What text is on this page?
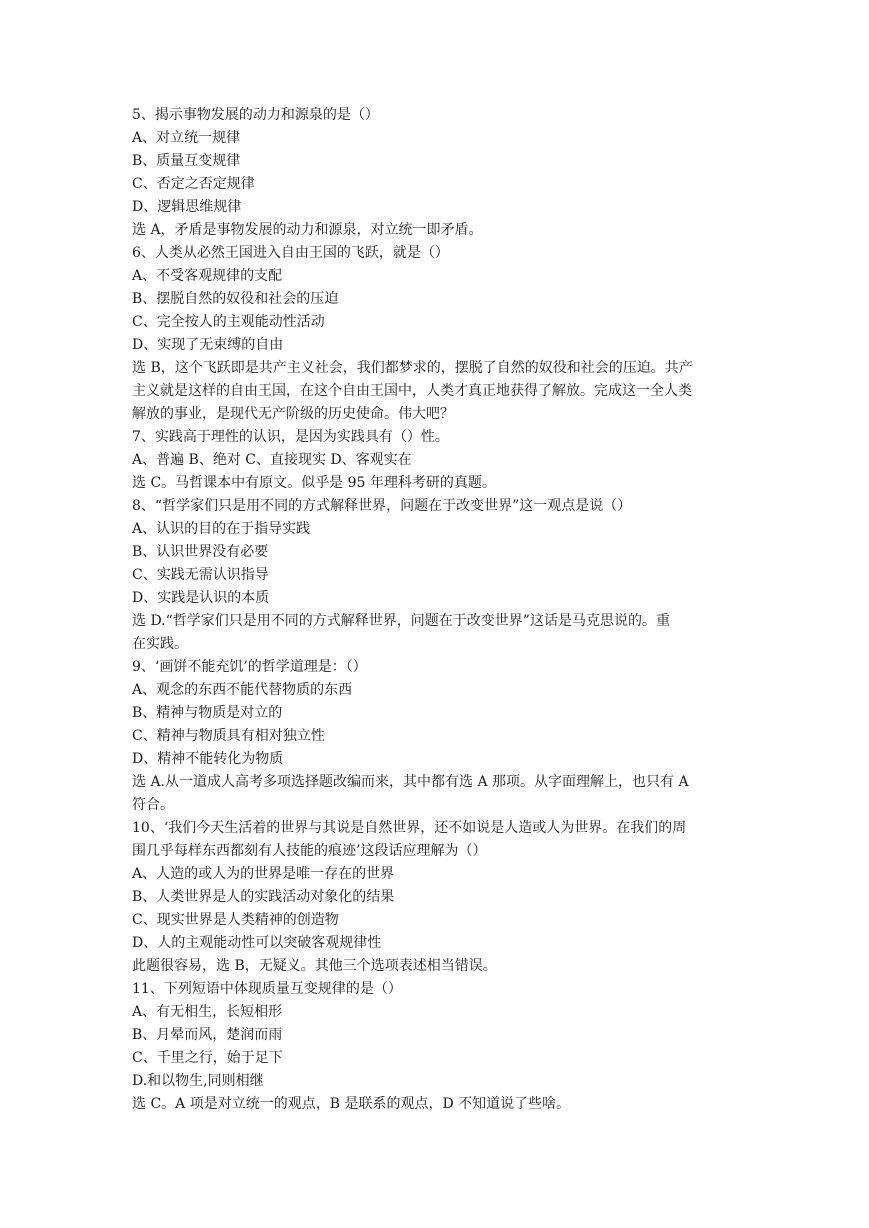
5、揭示事物发展的动力和源泉的是（）
A、对立统一规律
B、质量互变规律
C、否定之否定规律
D、逻辑思维规律
选 A，矛盾是事物发展的动力和源泉，对立统一即矛盾。
6、人类从必然王国进入自由王国的飞跃，就是（）
A、不受客观规律的支配
B、摆脱自然的奴役和社会的压迫
C、完全按人的主观能动性活动
D、实现了无束缚的自由
选 B，这个飞跃即是共产主义社会，我们都梦求的，摆脱了自然的奴役和社会的压迫。共产
主义就是这样的自由王国，在这个自由王国中，人类才真正地获得了解放。完成这一全人类
解放的事业，是现代无产阶级的历史使命。伟大吧？
7、实践高于理性的认识，是因为实践具有（）性。
A、普遍 B、绝对 C、直接现实 D、客观实在
选 C。马哲课本中有原文。似乎是 95 年理科考研的真题。
8、“哲学家们只是用不同的方式解释世界，问题在于改变世界”这一观点是说（）
A、认识的目的在于指导实践
B、认识世界没有必要
C、实践无需认识指导
D、实践是认识的本质
选 D.“哲学家们只是用不同的方式解释世界，问题在于改变世界”这话是马克思说的。重
在实践。
9、‘画饼不能充饥’的哲学道理是：（）
A、观念的东西不能代替物质的东西
B、精神与物质是对立的
C、精神与物质具有相对独立性
D、精神不能转化为物质
选 A.从一道成人高考多项选择题改编而来，其中都有选 A 那项。从字面理解上，也只有 A
符合。
10、‘我们今天生活着的世界与其说是自然世界，还不如说是人造或人为世界。在我们的周
围几乎每样东西都刻有人技能的痕迹’这段话应理解为（）
A、人造的或人为的世界是唯一存在的世界
B、人类世界是人的实践活动对象化的结果
C、现实世界是人类精神的创造物
D、人的主观能动性可以突破客观规律性
此题很容易，选 B，无疑义。其他三个选项表述相当错误。
11、下列短语中体现质量互变规律的是（）
A、有无相生，长短相形
B、月晕而风，楚润而雨
C、千里之行，始于足下
D.和以物生,同则相继
选 C。A 项是对立统一的观点，B 是联系的观点，D 不知道说了些啥。
